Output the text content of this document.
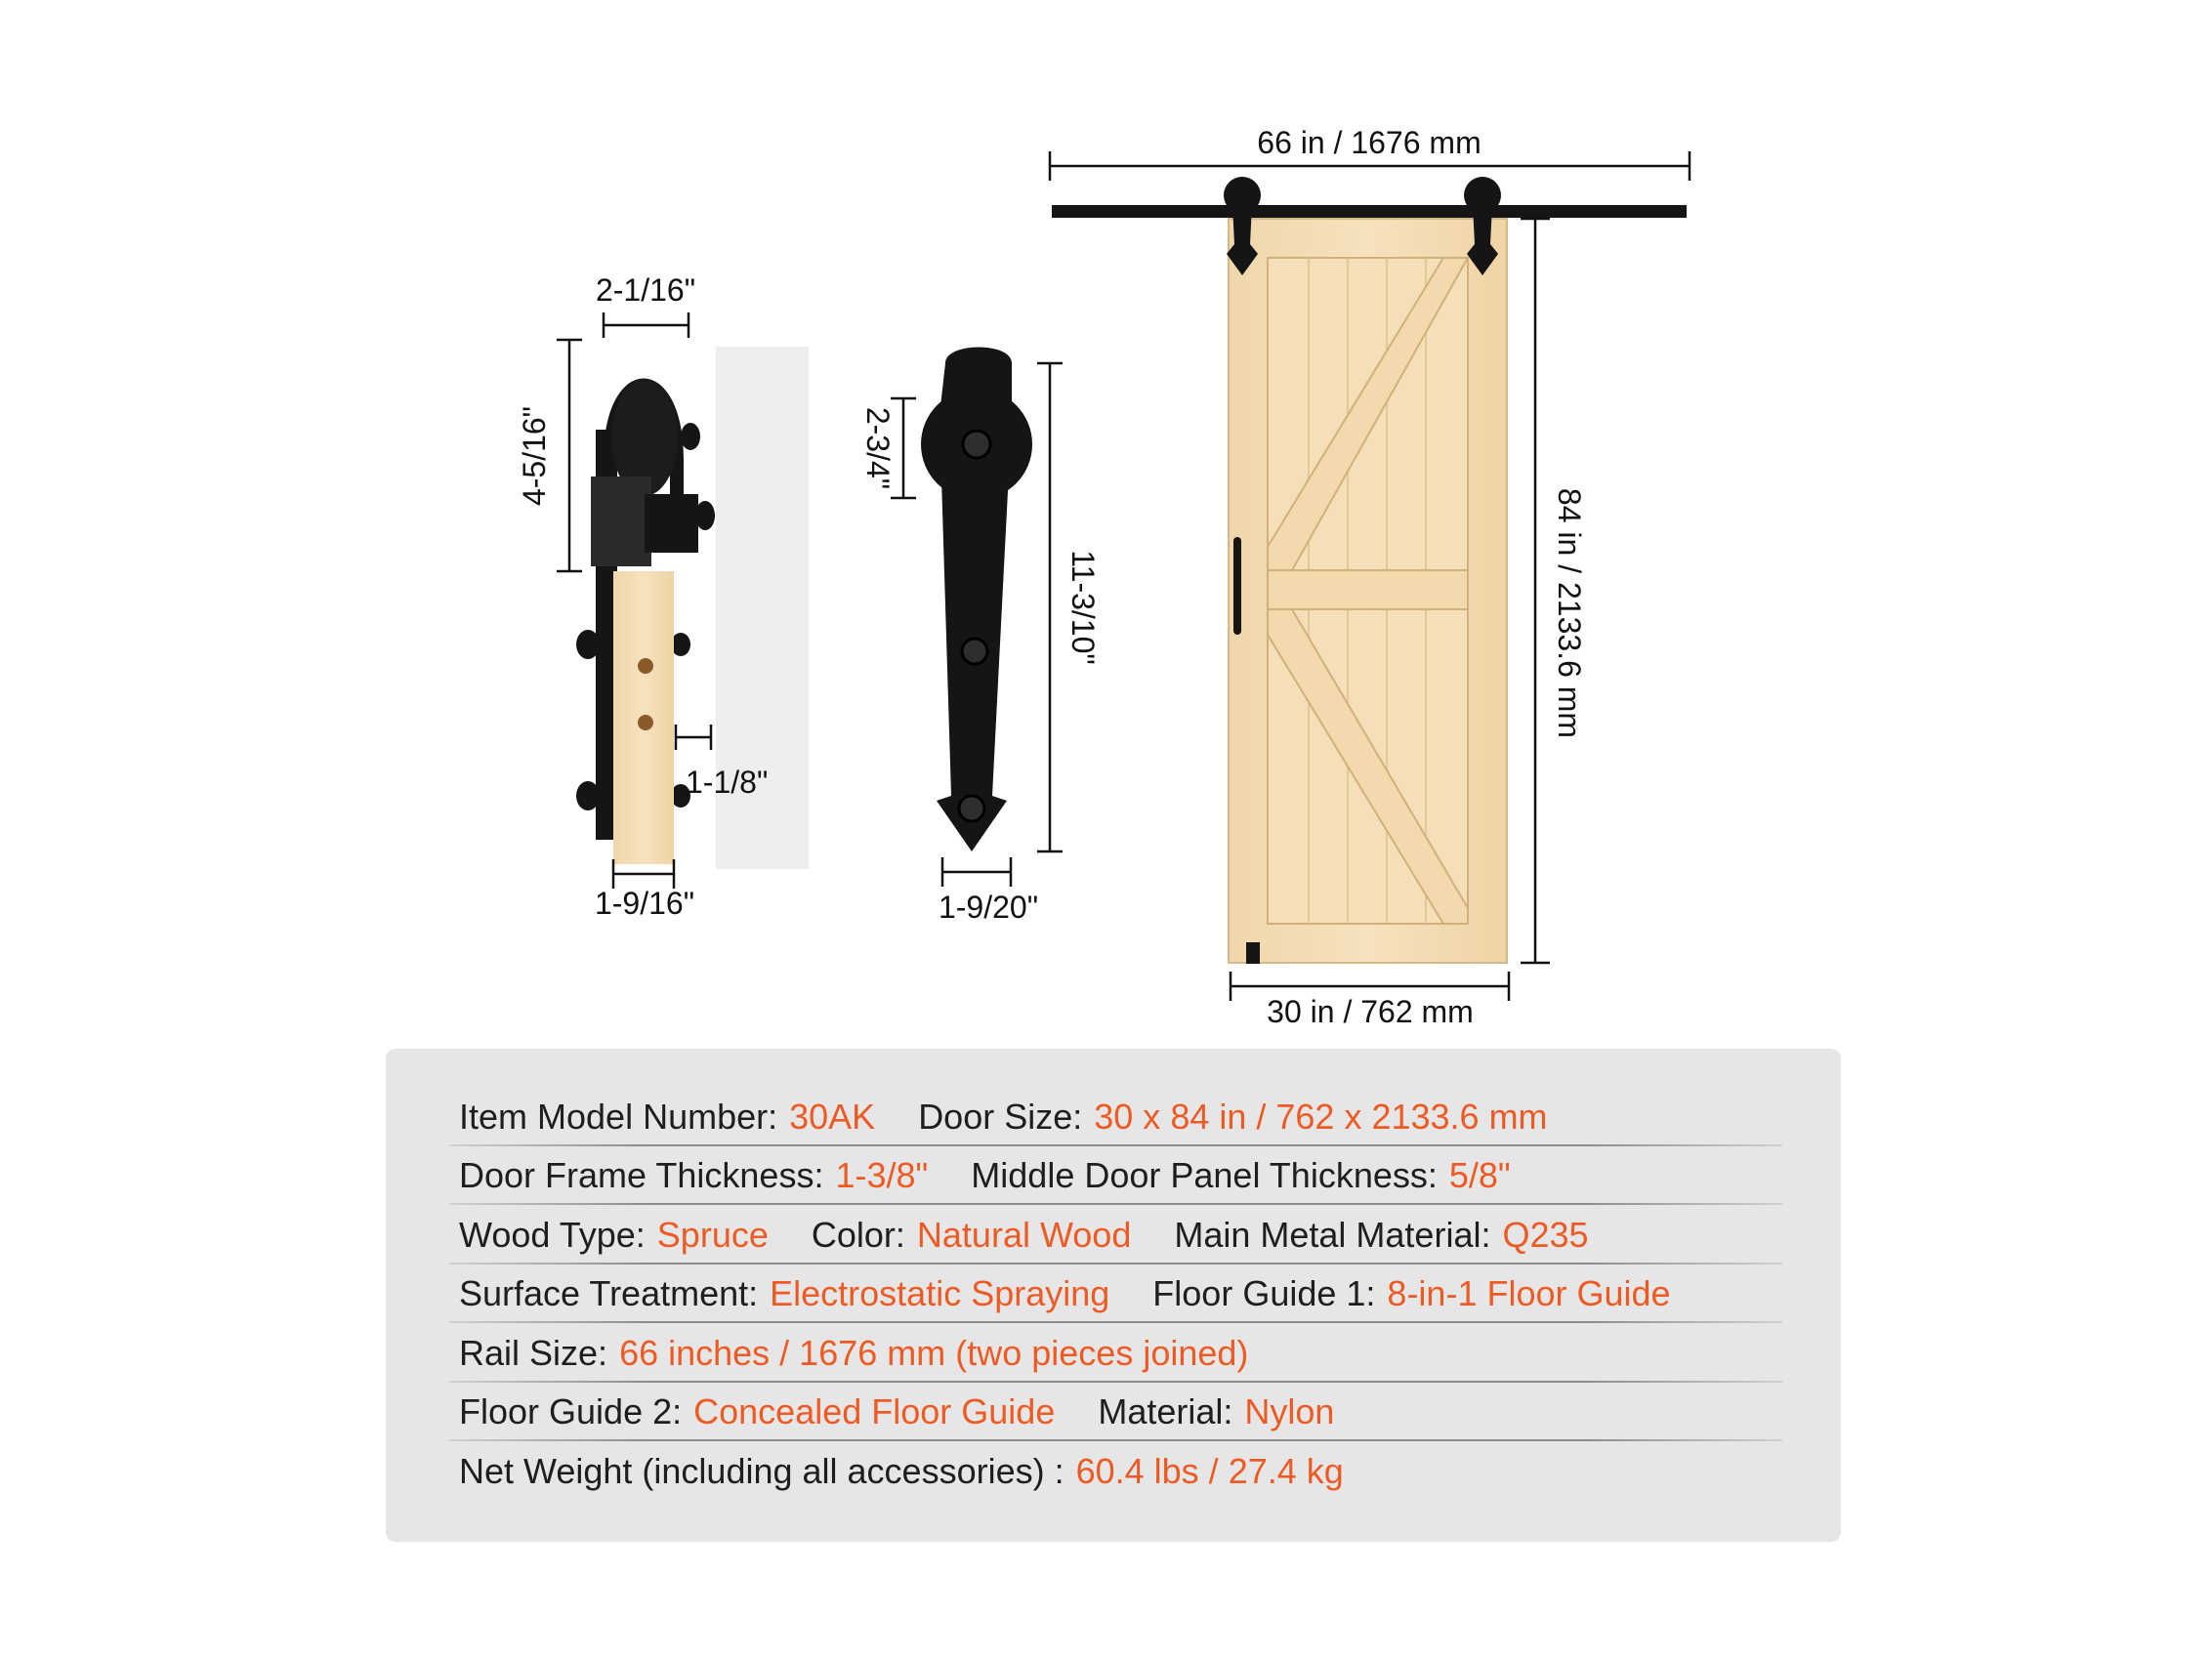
2-1/16"
4-5/16"
1-1/8"
1-9/16"
2-3/4"
11-3/10"
1-9/20"
66 in / 1676 mm
84 in / 2133.6 mm
30 in / 762 mm
Item Model Number: 30AK Door Size: 30 x 84 in / 762 x 2133.6 mm
Door Frame Thickness: 1-3/8" Middle Door Panel Thickness: 5/8"
Wood Type: Spruce Color: Natural Wood Main Metal Material: Q235
Surface Treatment: Electrostatic Spraying Floor Guide 1: 8-in-1 Floor Guide
Rail Size: 66 inches / 1676 mm (two pieces joined)
Floor Guide 2: Concealed Floor Guide Material: Nylon
Net Weight (including all accessories) : 60.4 lbs / 27.4 kg
